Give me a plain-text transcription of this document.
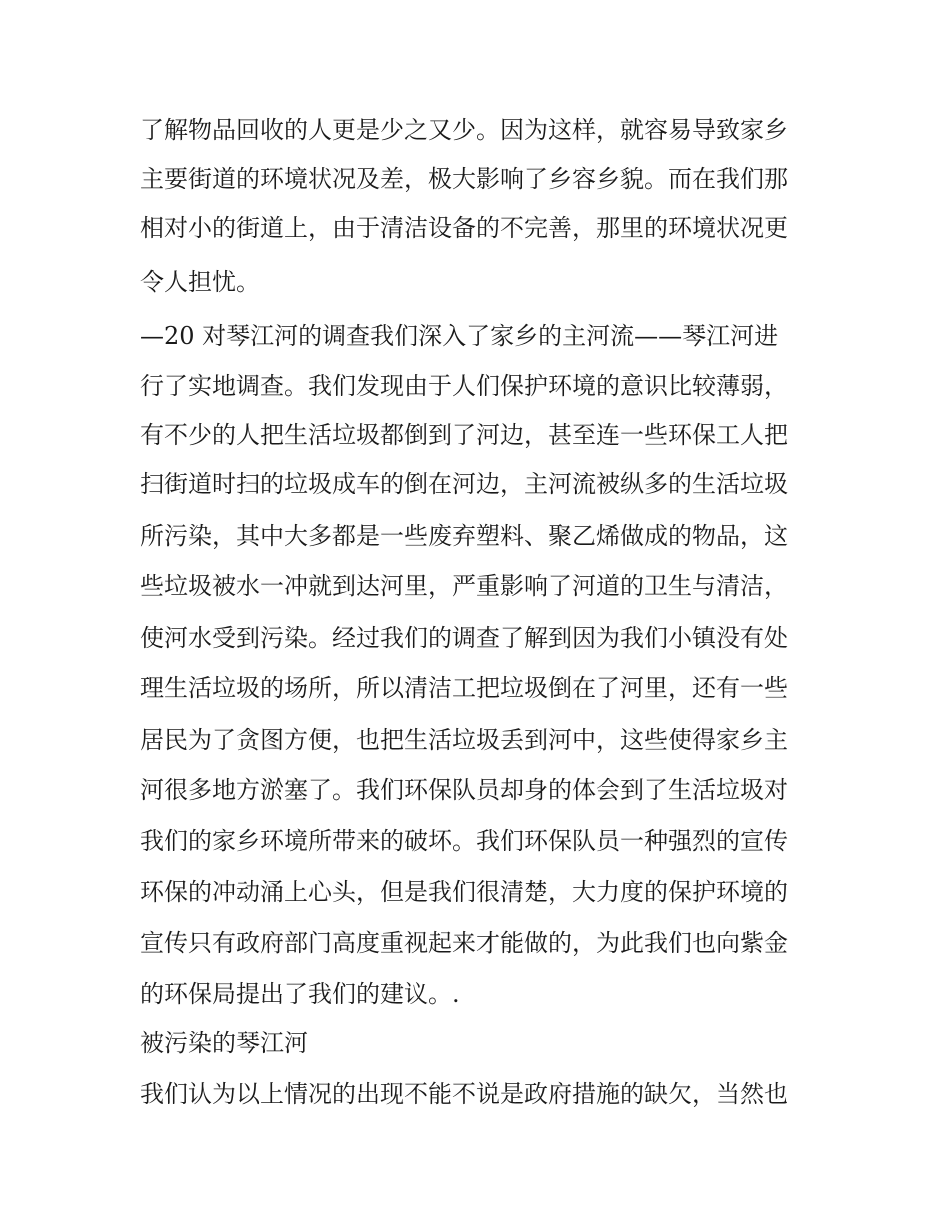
了解物品回收的人更是少之又少。因为这样，就容易导致家乡
主要街道的环境状况及差，极大影响了乡容乡貌。而在我们那
相对小的街道上，由于清洁设备的不完善，那里的环境状况更
令人担忧。
—20 对琴江河的调查我们深入了家乡的主河流——琴江河进
行了实地调查。我们发现由于人们保护环境的意识比较薄弱，
有不少的人把生活垃圾都倒到了河边，甚至连一些环保工人把
扫街道时扫的垃圾成车的倒在河边，主河流被纵多的生活垃圾
所污染，其中大多都是一些废弃塑料、聚乙烯做成的物品，这
些垃圾被水一冲就到达河里，严重影响了河道的卫生与清洁，
使河水受到污染。经过我们的调查了解到因为我们小镇没有处
理生活垃圾的场所，所以清洁工把垃圾倒在了河里，还有一些
居民为了贪图方便，也把生活垃圾丢到河中，这些使得家乡主
河很多地方淤塞了。我们环保队员却身的体会到了生活垃圾对
我们的家乡环境所带来的破坏。我们环保队员一种强烈的宣传
环保的冲动涌上心头，但是我们很清楚，大力度的保护环境的
宣传只有政府部门高度重视起来才能做的，为此我们也向紫金
的环保局提出了我们的建议。.
被污染的琴江河
我们认为以上情况的出现不能不说是政府措施的缺欠，当然也
